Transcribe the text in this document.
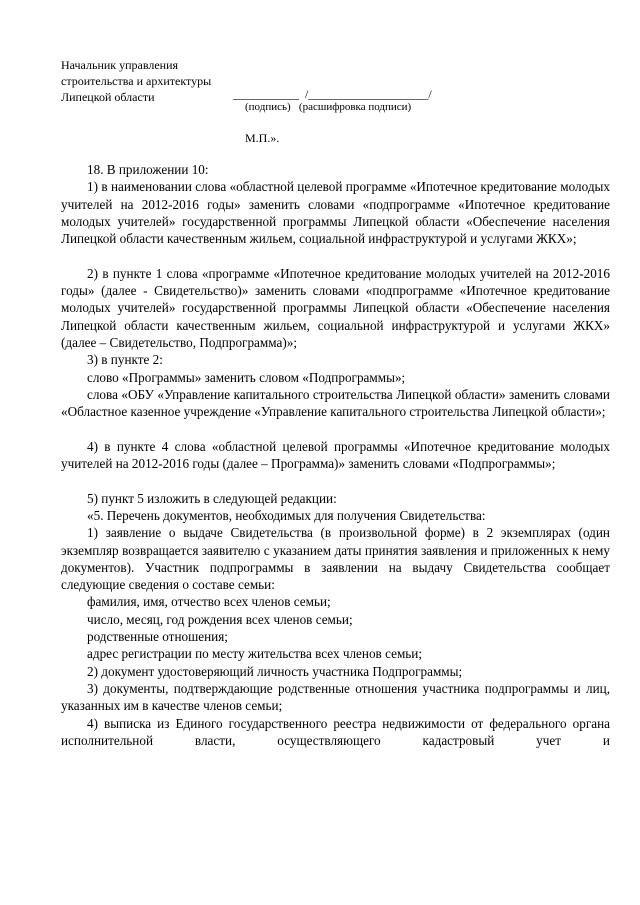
Начальник управления
строительства и архитектуры
Липецкой области	___________  /____________________/
(подпись)   (расшифровка подписи)
М.П.».

18. В приложении 10:

1) в наименовании слова «областной целевой программе «Ипотечное кредитование молодых учителей на 2012-2016 годы» заменить словами «подпрограмме «Ипотечное кредитование молодых учителей» государственной программы Липецкой области «Обеспечение населения Липецкой области качественным жильем, социальной инфраструктурой и услугами ЖКХ»;

2) в пункте 1 слова «программе «Ипотечное кредитование молодых учителей на 2012-2016 годы» (далее - Свидетельство)» заменить словами «подпрограмме «Ипотечное кредитование молодых учителей» государственной программы Липецкой области «Обеспечение населения Липецкой области качественным жильем, социальной инфраструктурой и услугами ЖКХ» (далее – Свидетельство, Подпрограмма)»;

3) в пункте 2:

слово «Программы» заменить словом «Подпрограммы»;

слова «ОБУ «Управление капитального строительства Липецкой области» заменить словами «Областное казенное учреждение «Управление капитального строительства Липецкой области»;

4) в пункте 4 слова «областной целевой программы «Ипотечное кредитование молодых учителей на 2012-2016 годы (далее – Программа)» заменить словами «Подпрограммы»;

5) пункт 5 изложить в следующей редакции:

«5. Перечень документов, необходимых для получения Свидетельства:

1) заявление о выдаче Свидетельства (в произвольной форме) в 2 экземплярах (один экземпляр возвращается заявителю с указанием даты принятия заявления и приложенных к нему документов). Участник подпрограммы в заявлении на выдачу Свидетельства сообщает следующие сведения о составе семьи:

фамилия, имя, отчество всех членов семьи;

число, месяц, год рождения всех членов семьи;

родственные отношения;

адрес регистрации по месту жительства всех членов семьи;

2) документ удостоверяющий личность участника Подпрограммы;

3) документы, подтверждающие родственные отношения участника подпрограммы и лиц, указанных им в качестве членов семьи;

4) выписка из Единого государственного реестра недвижимости от федерального органа исполнительной власти, осуществляющего кадастровый учет и
